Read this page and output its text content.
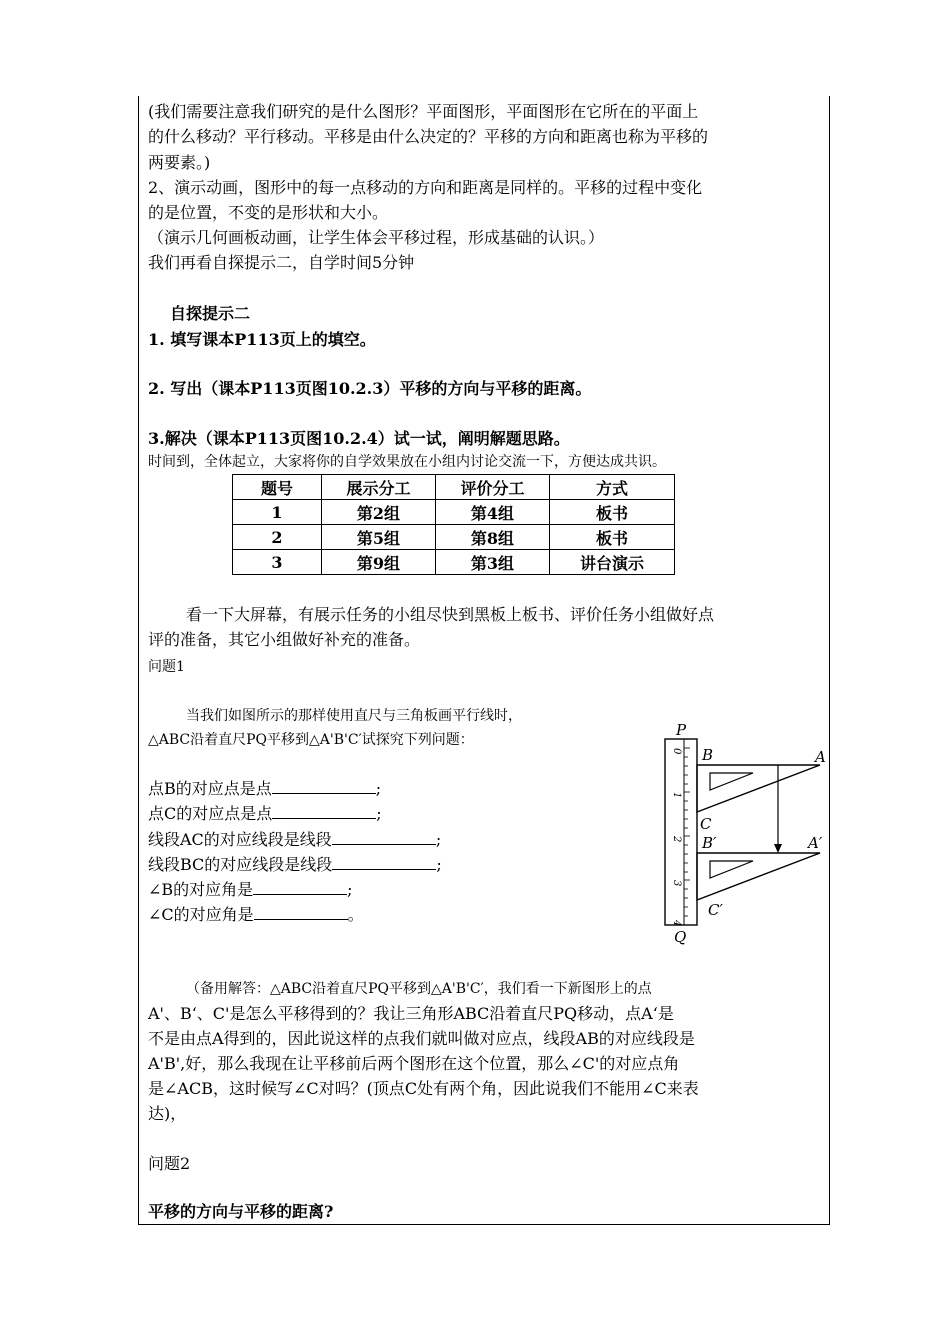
(我们需要注意我们研究的是什么图形？平面图形，平面图形在它所在的平面上
的什么移动？平行移动。平移是由什么决定的？平移的方向和距离也称为平移的
两要素。)
2、演示动画，图形中的每一点移动的方向和距离是同样的。平移的过程中变化
的是位置，不变的是形状和大小。
（演示几何画板动画，让学生体会平移过程，形成基础的认识。）
我们再看自探提示二，自学时间5分钟
自探提示二
1. 填写课本P113页上的填空。
2. 写出（课本P113页图10.2.3）平移的方向与平移的距离。
3.解决（课本P113页图10.2.4）试一试，阐明解题思路。
时间到，全体起立，大家将你的自学效果放在小组内讨论交流一下，方便达成共识。
题号	展示分工	评价分工	方式
1	第2组	第4组	板书
2	第5组	第8组	板书
3	第9组	第3组	讲台演示
看一下大屏幕，有展示任务的小组尽快到黑板上板书、评价任务小组做好点
评的准备，其它小组做好补充的准备。
问题1
当我们如图所示的那样使用直尺与三角板画平行线时，
△ABC沿着直尺PQ平移到△A'B'C′试探究下列问题：
点B的对应点是点	;
点C的对应点是点	;
线段AC的对应线段是线段	;
线段BC的对应线段是线段	;
∠B的对应角是	;
∠C的对应角是	。
0
1
2
3
4
P
Q
B	A
C
B′	A′
C′
（备用解答：△ABC沿着直尺PQ平移到△A'B'C′，我们看一下新图形上的点
A'、B‘、C'是怎么平移得到的？我让三角形ABC沿着直尺PQ移动，点A‘是
不是由点A得到的，因此说这样的点我们就叫做对应点，线段AB的对应线段是
A'B',好，那么我现在让平移前后两个图形在这个位置，那么∠C'的对应点角
是∠ACB，这时候写∠C对吗？(顶点C处有两个角，因此说我们不能用∠C来表
达)，
问题2
平移的方向与平移的距离?
